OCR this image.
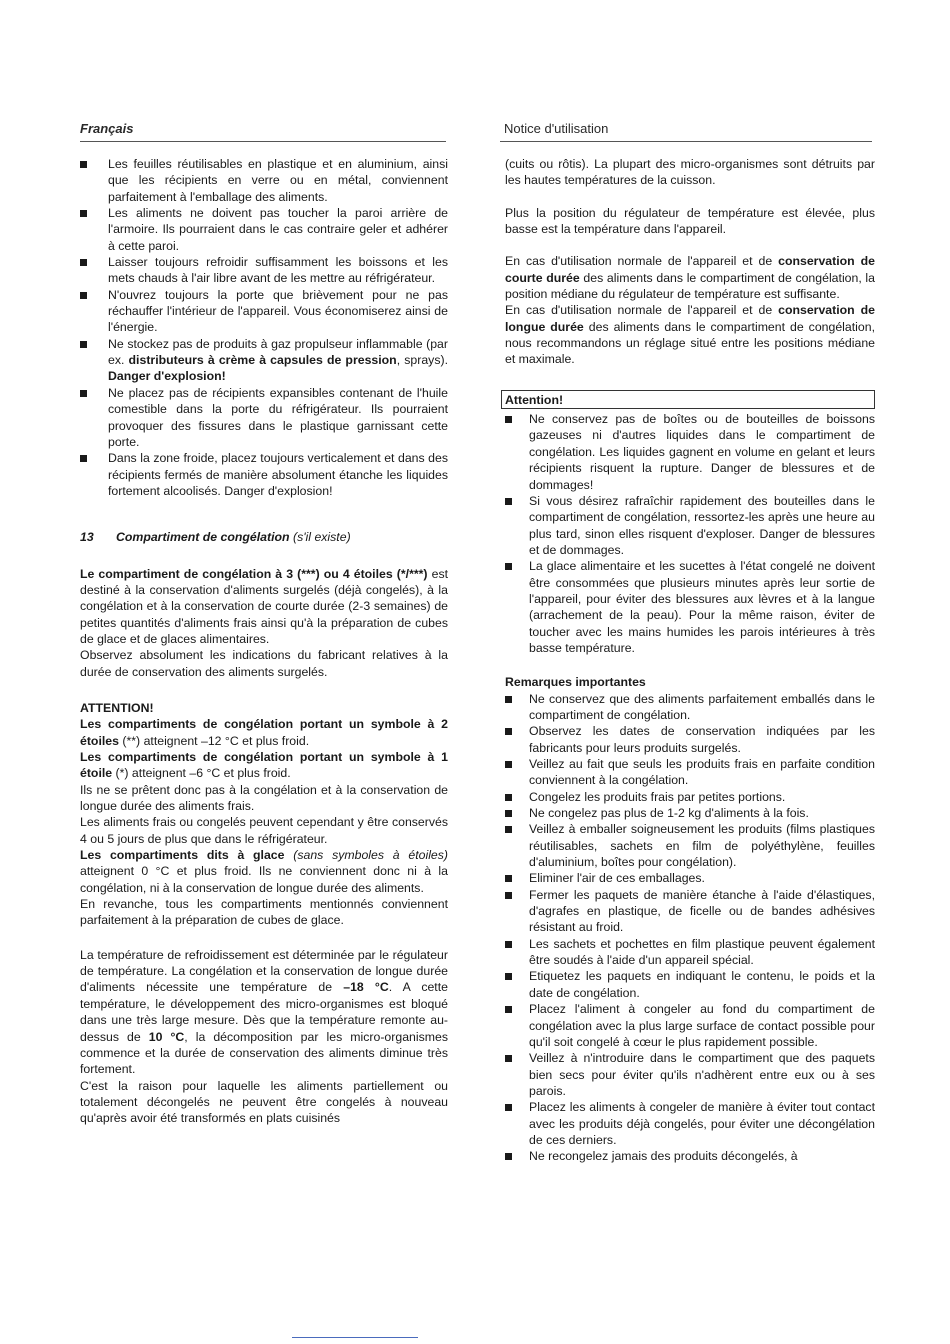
Français	Notice d'utilisation
Les feuilles réutilisables en plastique et en aluminium, ainsi que les récipients en verre ou en métal, conviennent parfaitement à l'emballage des aliments.
Les aliments ne doivent pas toucher la paroi arrière de l'armoire. Ils pourraient dans le cas contraire geler et adhérer à cette paroi.
Laisser toujours refroidir suffisamment les boissons et les mets chauds à l'air libre avant de les mettre au réfrigérateur.
N'ouvrez toujours la porte que brièvement pour ne pas réchauffer l'intérieur de l'appareil. Vous économiserez ainsi de l'énergie.
Ne stockez pas de produits à gaz propulseur inflammable (par ex. distributeurs à crème à capsules de pression, sprays). Danger d'explosion!
Ne placez pas de récipients expansibles contenant de l'huile comestible dans la porte du réfrigérateur. Ils pourraient provoquer des fissures dans le plastique garnissant cette porte.
Dans la zone froide, placez toujours verticalement et dans des récipients fermés de manière absolument étanche les liquides fortement alcoolisés. Danger d'explosion!

13 Compartiment de congélation (s'il existe)

Le compartiment de congélation à 3 (***) ou 4 étoiles (*/***) est destiné à la conservation d'aliments surgelés (déjà congelés), à la congélation et à la conservation de courte durée (2-3 semaines) de petites quantités d'aliments frais ainsi qu'à la préparation de cubes de glace et de glaces alimentaires.

Observez absolument les indications du fabricant relatives à la durée de conservation des aliments surgelés.

ATTENTION!

Les compartiments de congélation portant un symbole à 2 étoiles (**) atteignent –12 °C et plus froid.

Les compartiments de congélation portant un symbole à 1 étoile (*) atteignent –6 °C et plus froid.

Ils ne se prêtent donc pas à la congélation et à la conservation de longue durée des aliments frais.

Les aliments frais ou congelés peuvent cependant y être conservés 4 ou 5 jours de plus que dans le réfrigérateur.

Les compartiments dits à glace (sans symboles à étoiles) atteignent 0 °C et plus froid. Ils ne conviennent donc ni à la congélation, ni à la conservation de longue durée des aliments.

En revanche, tous les compartiments mentionnés conviennent parfaitement à la préparation de cubes de glace.

La température de refroidissement est déterminée par le régulateur de température. La congélation et la conservation de longue durée d'aliments nécessite une température de –18 °C. A cette température, le développement des micro-organismes est bloqué dans une très large mesure. Dès que la température remonte au-dessus de 10 °C, la décomposition par les micro-organismes commence et la durée de conservation des aliments diminue très fortement.

C'est la raison pour laquelle les aliments partiellement ou totalement décongelés ne peuvent être congelés à nouveau qu'après avoir été transformés en plats cuisinés

(cuits ou rôtis). La plupart des micro-organismes sont détruits par les hautes températures de la cuisson.

Plus la position du régulateur de température est élevée, plus basse est la température dans l'appareil.

En cas d'utilisation normale de l'appareil et de conservation de courte durée des aliments dans le compartiment de congélation, la position médiane du régulateur de température est suffisante.

En cas d'utilisation normale de l'appareil et de conservation de longue durée des aliments dans le compartiment de congélation, nous recommandons un réglage situé entre les positions médiane et maximale.

Attention!
Ne conservez pas de boîtes ou de bouteilles de boissons gazeuses ni d'autres liquides dans le compartiment de congélation. Les liquides gagnent en volume en gelant et leurs récipients risquent la rupture. Danger de blessures et de dommages!
Si vous désirez rafraîchir rapidement des bouteilles dans le compartiment de congélation, ressortez-les après une heure au plus tard, sinon elles risquent d'exploser. Danger de blessures et de dommages.
La glace alimentaire et les sucettes à l'état congelé ne doivent être consommées que plusieurs minutes après leur sortie de l'appareil, pour éviter des blessures aux lèvres et à la langue (arrachement de la peau). Pour la même raison, éviter de toucher avec les mains humides les parois intérieures à très basse température.

Remarques importantes

Ne conservez que des aliments parfaitement emballés dans le compartiment de congélation.
Observez les dates de conservation indiquées par les fabricants pour leurs produits surgelés.
Veillez au fait que seuls les produits frais en parfaite condition conviennent à la congélation.
Congelez les produits frais par petites portions.
Ne congelez pas plus de 1-2 kg d'aliments à la fois.
Veillez à emballer soigneusement les produits (films plastiques réutilisables, sachets en film de polyéthylène, feuilles d'aluminium, boîtes pour congélation).
Eliminer l'air de ces emballages.
Fermer les paquets de manière étanche à l'aide d'élastiques, d'agrafes en plastique, de ficelle ou de bandes adhésives résistant au froid.
Les sachets et pochettes en film plastique peuvent également être soudés à l'aide d'un appareil spécial.
Etiquetez les paquets en indiquant le contenu, le poids et la date de congélation.
Placez l'aliment à congeler au fond du compartiment de congélation avec la plus large surface de contact possible pour qu'il soit congelé à cœur le plus rapidement possible.
Veillez à n'introduire dans le compartiment que des paquets bien secs pour éviter qu'ils n'adhèrent entre eux ou à ses parois.
Placez les aliments à congeler de manière à éviter tout contact avec les produits déjà congelés, pour éviter une décongélation de ces derniers.
Ne recongelez jamais des produits décongelés, à
